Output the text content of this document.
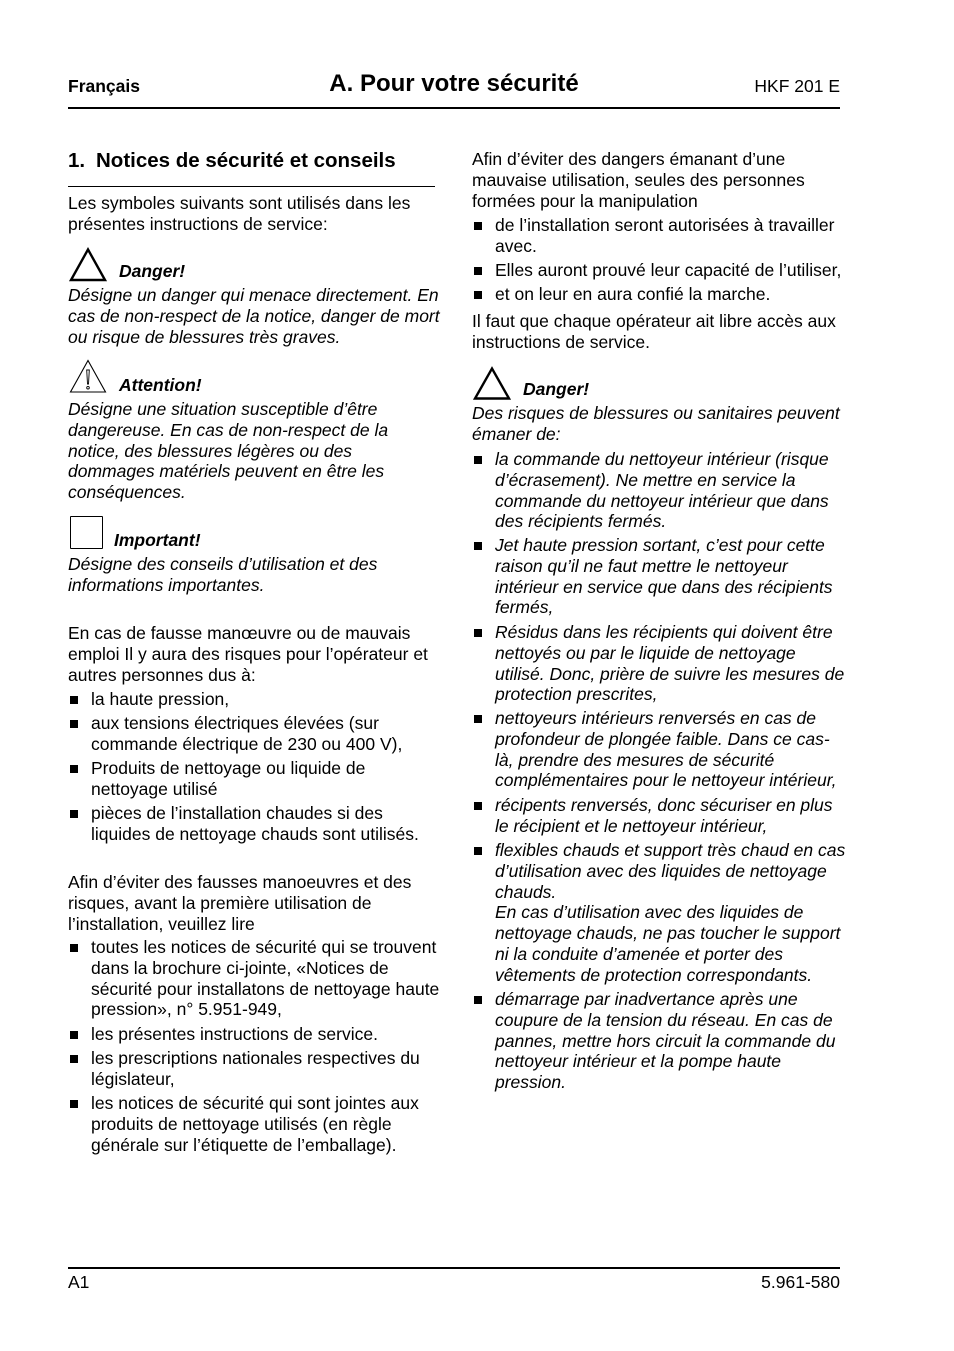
Français	A. Pour votre sécurité	HKF 201 E
1. Notices de sécurité et conseils
Les symboles suivants sont utilisés dans les
présentes instructions de service:
Danger!
Désigne un danger qui menace directement. En
cas de non-respect de la notice, danger de mort
ou risque de blessures très graves.
Attention!
Désigne une situation susceptible d’être
dangereuse. En cas de non-respect de la
notice, des blessures légères ou des
dommages matériels peuvent en être les
conséquences.
Important!
Désigne des conseils d’utilisation et des
informations importantes.
En cas de fausse manœuvre ou de mauvais
emploi Il y aura des risques pour l’opérateur et
autres personnes dus à:
la haute pression,
aux tensions électriques élevées (sur
commande électrique de 230 ou 400 V),
Produits de nettoyage ou liquide de
nettoyage utilisé
pièces de l’installation chaudes si des
liquides de nettoyage chauds sont utilisés.
Afin d’éviter des fausses manoeuvres et des
risques, avant la première utilisation de
l’installation, veuillez lire
toutes les notices de sécurité qui se trouvent
dans la brochure ci-jointe, «Notices de
sécurité pour installatons de nettoyage haute
pression», n° 5.951-949,
les présentes instructions de service.
les prescriptions nationales respectives du
législateur,
les notices de sécurité qui sont jointes aux
produits de nettoyage utilisés (en règle
générale sur l’étiquette de l’emballage).
Afin d’éviter des dangers émanant d’une
mauvaise utilisation, seules des personnes
formées pour la manipulation
de l’installation seront autorisées à travailler
avec.
Elles auront prouvé leur capacité de l’utiliser,
et on leur en aura confié la marche.
Il faut que chaque opérateur ait libre accès aux
instructions de service.
Danger!
Des risques de blessures ou sanitaires peuvent
émaner de:
la commande du nettoyeur intérieur (risque
d’écrasement). Ne mettre en service la
commande du nettoyeur intérieur que dans
des récipients fermés.
Jet haute pression sortant, c’est pour cette
raison qu’il ne faut mettre le nettoyeur
intérieur en service que dans des récipients
fermés,
Résidus dans les récipients qui doivent être
nettoyés ou par le liquide de nettoyage
utilisé. Donc, prière de suivre les mesures de
protection prescrites,
nettoyeurs intérieurs renversés en cas de
profondeur de plongée faible. Dans ce cas-
là, prendre des mesures de sécurité
complémentaires pour le nettoyeur intérieur,
récipents renversés, donc sécuriser en plus
le récipient et le nettoyeur intérieur,
flexibles chauds et support très chaud en cas
d’utilisation avec des liquides de nettoyage
chauds.
En cas d’utilisation avec des liquides de
nettoyage chauds, ne pas toucher le support
ni la conduite d’amenée et porter des
vêtements de protection correspondants.
démarrage par inadvertance après une
coupure de la tension du réseau. En cas de
pannes, mettre hors circuit la commande du
nettoyeur intérieur et la pompe haute
pression.
A1	5.961-580
